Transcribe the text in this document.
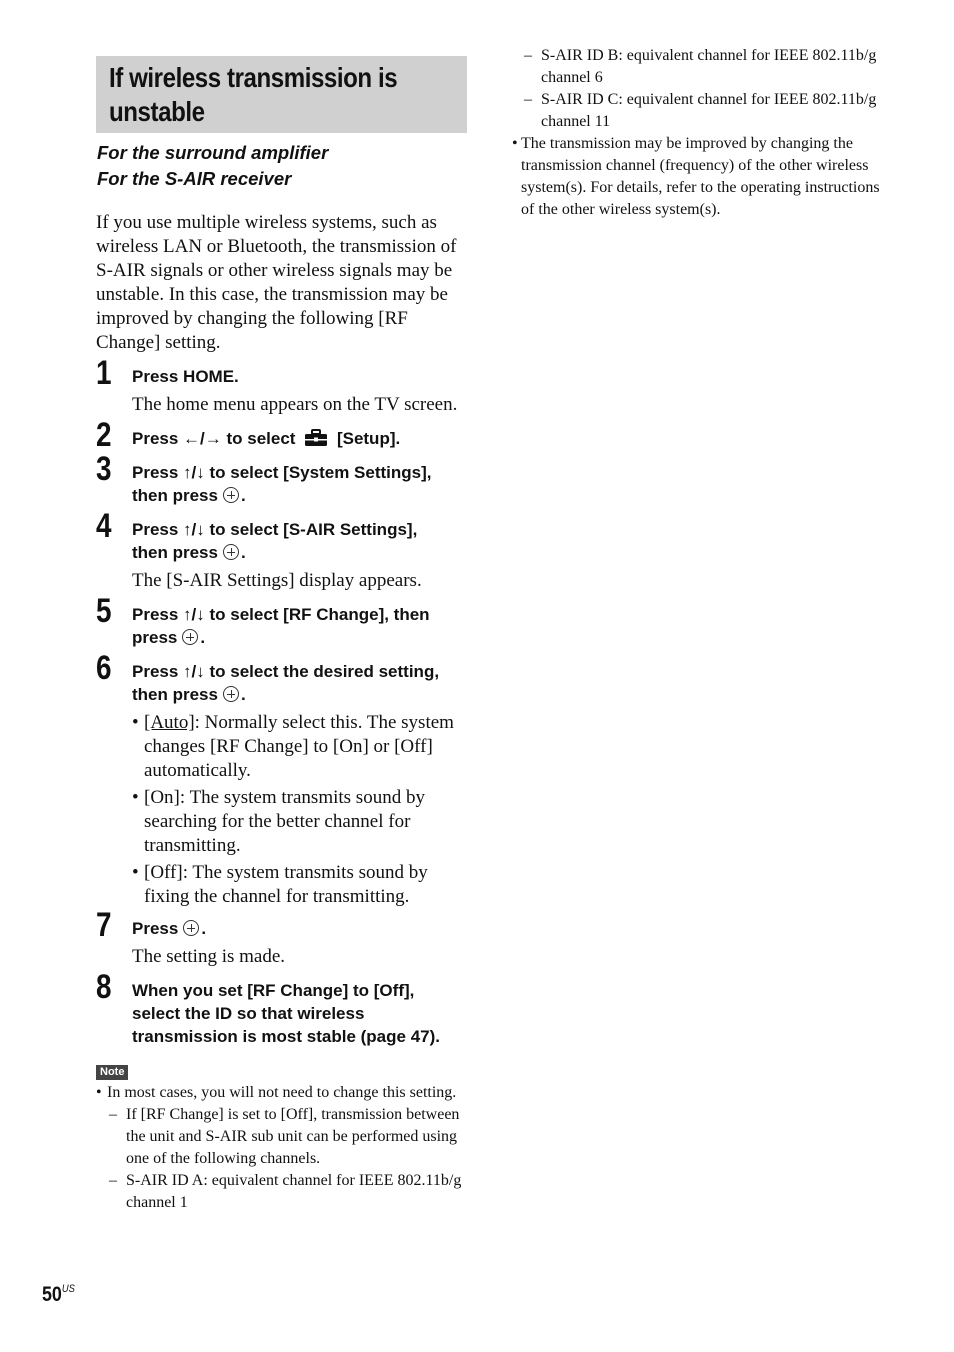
If wireless transmission is unstable
For the surround amplifier
For the S-AIR receiver

If you use multiple wireless systems, such as wireless LAN or Bluetooth, the transmission of S-AIR signals or other wireless signals may be unstable. In this case, the transmission may be improved by changing the following [RF Change] setting.

1 Press HOME.
The home menu appears on the TV screen.
2 Press ←/→ to select [Setup].
3 Press ↑/↓ to select [System Settings],
then press .
4 Press ↑/↓ to select [S-AIR Settings],
then press .
The [S-AIR Settings] display appears.
5 Press ↑/↓ to select [RF Change], then
press .
6 Press ↑/↓ to select the desired setting,
then press .
• [Auto]: Normally select this. The system changes [RF Change] to [On] or [Off] automatically.
• [On]: The system transmits sound by searching for the better channel for transmitting.
• [Off]: The system transmits sound by fixing the channel for transmitting.
7 Press .
The setting is made.
8 When you set [RF Change] to [Off], select the ID so that wireless transmission is most stable (page 47).
Note
• In most cases, you will not need to change this setting.
– If [RF Change] is set to [Off], transmission between the unit and S-AIR sub unit can be performed using one of the following channels.
– S-AIR ID A: equivalent channel for IEEE 802.11b/g channel 1
– S-AIR ID B: equivalent channel for IEEE 802.11b/g channel 6
– S-AIR ID C: equivalent channel for IEEE 802.11b/g channel 11
• The transmission may be improved by changing the transmission channel (frequency) of the other wireless system(s). For details, refer to the operating instructions of the other wireless system(s).
$50^{US}$
